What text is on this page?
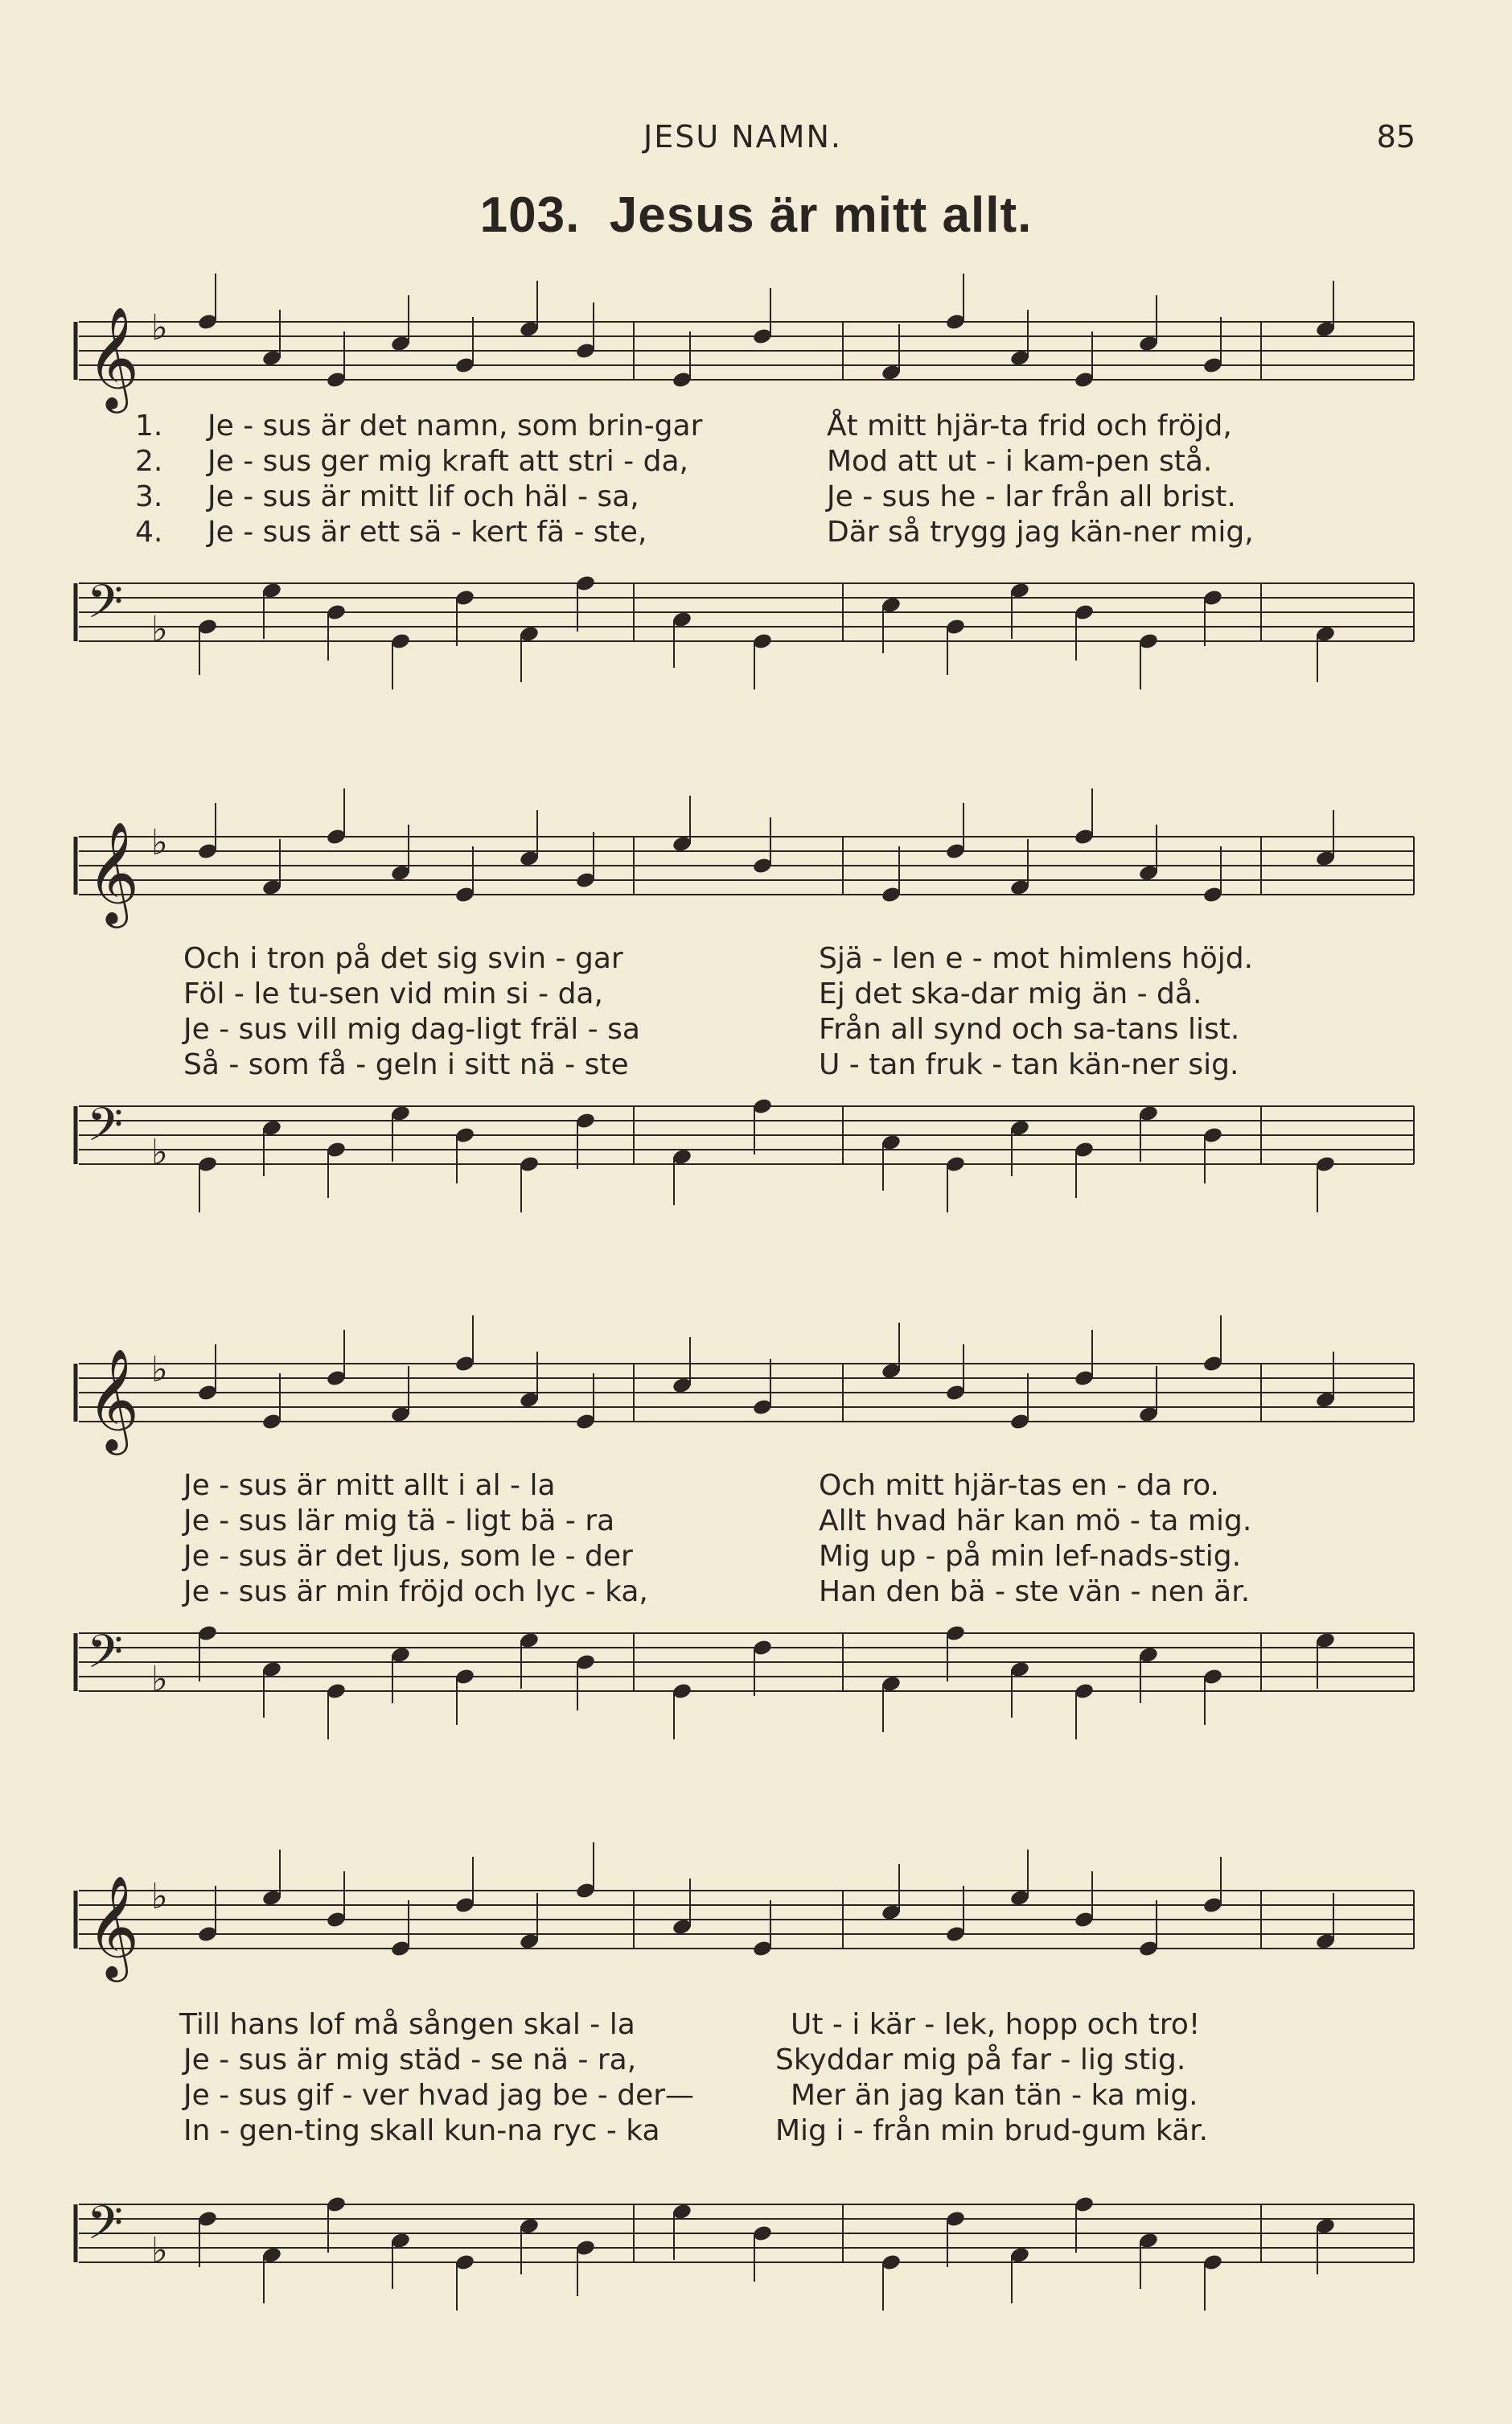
JESU NAMN.	85
103. Jesus är mitt allt.
𝄞 ♭
1. Je - sus är det namn, som brin-gar	Åt mitt hjär-ta frid och fröjd,
2. Je - sus ger mig kraft att stri - da,	Mod att ut - i kam-pen stå.
3. Je - sus är mitt lif och häl - sa,	Je - sus he - lar från all brist.
4. Je - sus är ett sä - kert fä - ste,	Där så trygg jag kän-ner mig,
𝄢 ♭
𝄞 ♭
Och i tron på det sig svin - gar	Sjä - len e - mot himlens höjd.
Föl - le tu-sen vid min si - da,	Ej det ska-dar mig än - då.
Je - sus vill mig dag-ligt fräl - sa	Från all synd och sa-tans list.
Så - som få - geln i sitt nä - ste	U - tan fruk - tan kän-ner sig.
𝄢 ♭
𝄞 ♭
Je - sus är mitt allt i al - la	Och mitt hjär-tas en - da ro.
Je - sus lär mig tä - ligt bä - ra	Allt hvad här kan mö - ta mig.
Je - sus är det ljus, som le - der	Mig up - på min lef-nads-stig.
Je - sus är min fröjd och lyc - ka,	Han den bä - ste vän - nen är.
𝄢 ♭
𝄞 ♭
Till hans lof må sången skal - la	Ut - i kär - lek, hopp och tro!
Je - sus är mig städ - se nä - ra,	Skyddar mig på far - lig stig.
Je - sus gif - ver hvad jag be - der—	Mer än jag kan tän - ka mig.
In - gen-ting skall kun-na ryc - ka	Mig i - från min brud-gum kär.
𝄢 ♭
